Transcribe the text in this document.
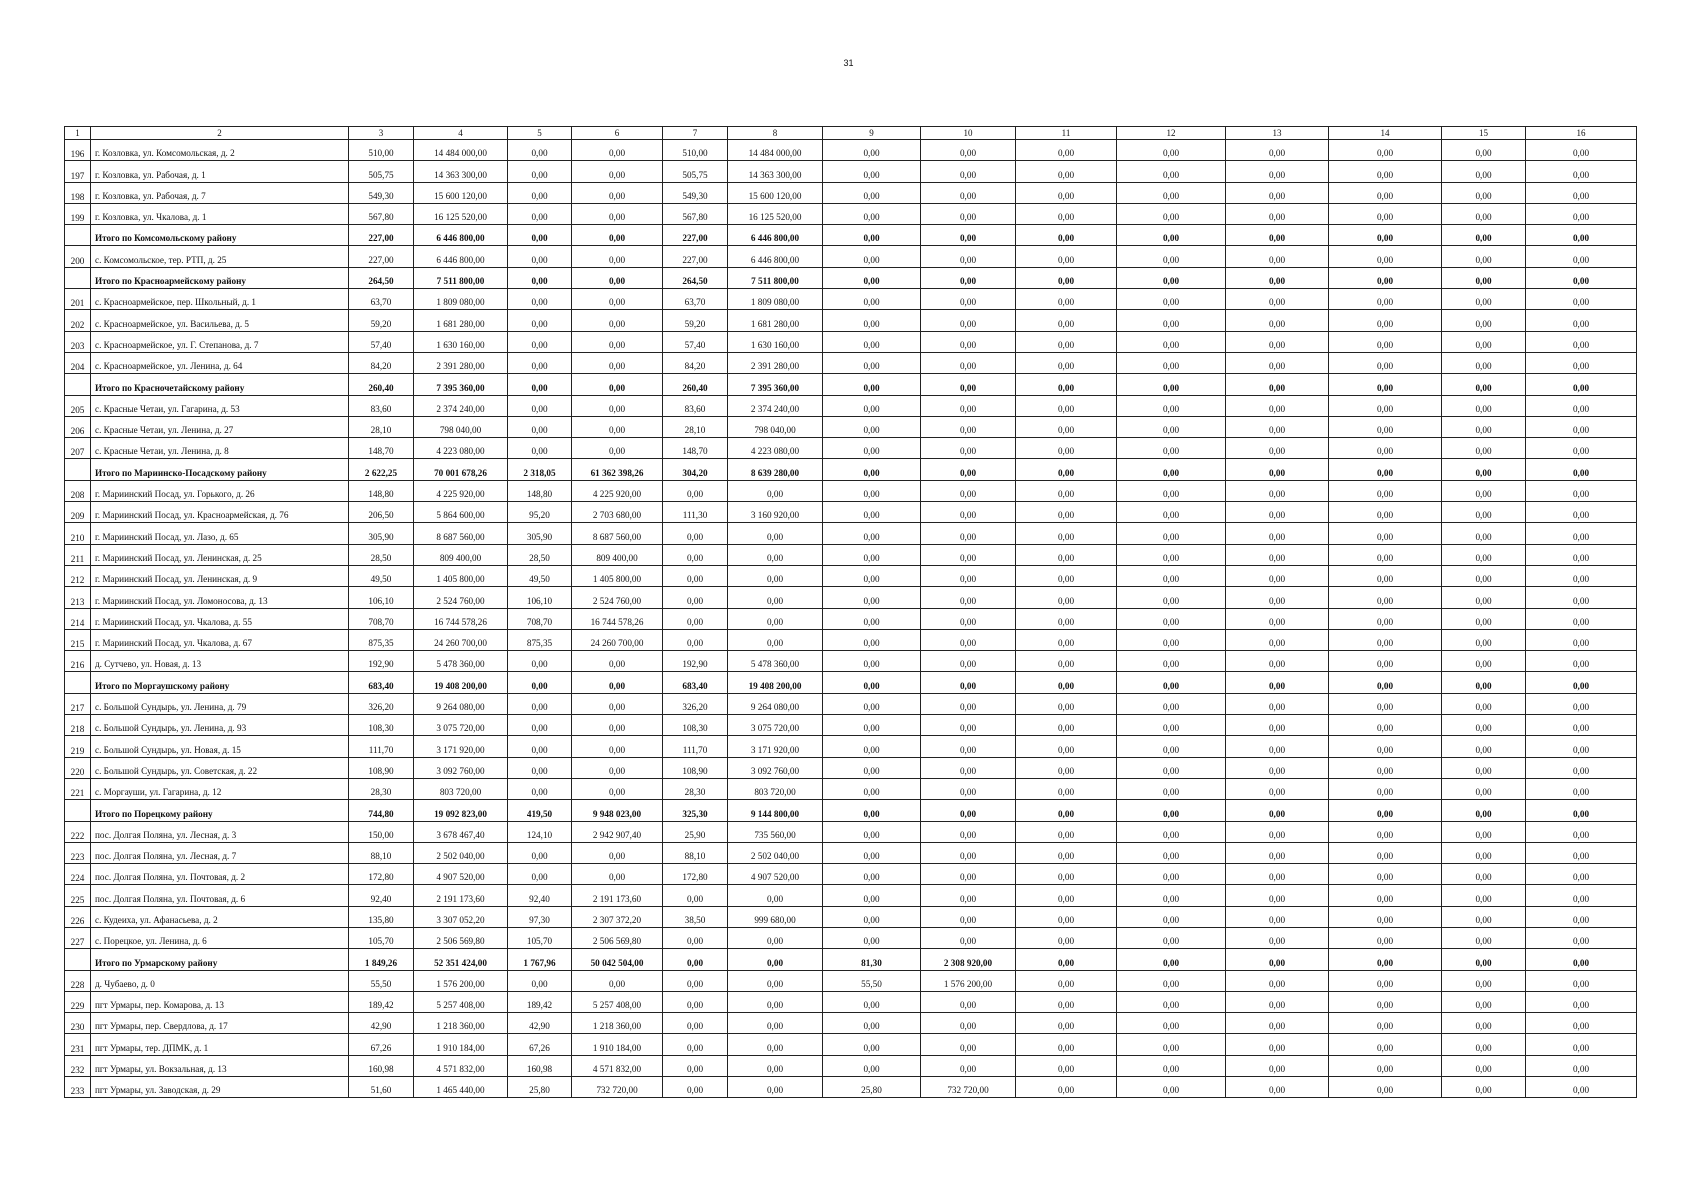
31
1	2	3	4	5	6	7	8	9	10	11	12	13	14	15	16
196	г. Козловка, ул. Комсомольская, д. 2	510,00	14 484 000,00	0,00	0,00	510,00	14 484 000,00	0,00	0,00	0,00	0,00	0,00	0,00	0,00	0,00
197	г. Козловка, ул. Рабочая, д. 1	505,75	14 363 300,00	0,00	0,00	505,75	14 363 300,00	0,00	0,00	0,00	0,00	0,00	0,00	0,00	0,00
198	г. Козловка, ул. Рабочая, д. 7	549,30	15 600 120,00	0,00	0,00	549,30	15 600 120,00	0,00	0,00	0,00	0,00	0,00	0,00	0,00	0,00
199	г. Козловка, ул. Чкалова, д. 1	567,80	16 125 520,00	0,00	0,00	567,80	16 125 520,00	0,00	0,00	0,00	0,00	0,00	0,00	0,00	0,00
	Итого по Комсомольскому району	227,00	6 446 800,00	0,00	0,00	227,00	6 446 800,00	0,00	0,00	0,00	0,00	0,00	0,00	0,00	0,00
200	с. Комсомольское, тер. РТП, д. 25	227,00	6 446 800,00	0,00	0,00	227,00	6 446 800,00	0,00	0,00	0,00	0,00	0,00	0,00	0,00	0,00
	Итого по Красноармейскому району	264,50	7 511 800,00	0,00	0,00	264,50	7 511 800,00	0,00	0,00	0,00	0,00	0,00	0,00	0,00	0,00
201	с. Красноармейское, пер. Школьный, д. 1	63,70	1 809 080,00	0,00	0,00	63,70	1 809 080,00	0,00	0,00	0,00	0,00	0,00	0,00	0,00	0,00
202	с. Красноармейское, ул. Васильева, д. 5	59,20	1 681 280,00	0,00	0,00	59,20	1 681 280,00	0,00	0,00	0,00	0,00	0,00	0,00	0,00	0,00
203	с. Красноармейское, ул. Г. Степанова, д. 7	57,40	1 630 160,00	0,00	0,00	57,40	1 630 160,00	0,00	0,00	0,00	0,00	0,00	0,00	0,00	0,00
204	с. Красноармейское, ул. Ленина, д. 64	84,20	2 391 280,00	0,00	0,00	84,20	2 391 280,00	0,00	0,00	0,00	0,00	0,00	0,00	0,00	0,00
	Итого по Красночетайскому району	260,40	7 395 360,00	0,00	0,00	260,40	7 395 360,00	0,00	0,00	0,00	0,00	0,00	0,00	0,00	0,00
205	с. Красные Четаи, ул. Гагарина, д. 53	83,60	2 374 240,00	0,00	0,00	83,60	2 374 240,00	0,00	0,00	0,00	0,00	0,00	0,00	0,00	0,00
206	с. Красные Четаи, ул. Ленина, д. 27	28,10	798 040,00	0,00	0,00	28,10	798 040,00	0,00	0,00	0,00	0,00	0,00	0,00	0,00	0,00
207	с. Красные Четаи, ул. Ленина, д. 8	148,70	4 223 080,00	0,00	0,00	148,70	4 223 080,00	0,00	0,00	0,00	0,00	0,00	0,00	0,00	0,00
	Итого по Мариинско-Посадскому району	2 622,25	70 001 678,26	2 318,05	61 362 398,26	304,20	8 639 280,00	0,00	0,00	0,00	0,00	0,00	0,00	0,00	0,00
208	г. Мариинский Посад, ул. Горького, д. 26	148,80	4 225 920,00	148,80	4 225 920,00	0,00	0,00	0,00	0,00	0,00	0,00	0,00	0,00	0,00	0,00
209	г. Мариинский Посад, ул. Красноармейская, д. 76	206,50	5 864 600,00	95,20	2 703 680,00	111,30	3 160 920,00	0,00	0,00	0,00	0,00	0,00	0,00	0,00	0,00
210	г. Мариинский Посад, ул. Лазо, д. 65	305,90	8 687 560,00	305,90	8 687 560,00	0,00	0,00	0,00	0,00	0,00	0,00	0,00	0,00	0,00	0,00
211	г. Мариинский Посад, ул. Ленинская, д. 25	28,50	809 400,00	28,50	809 400,00	0,00	0,00	0,00	0,00	0,00	0,00	0,00	0,00	0,00	0,00
212	г. Мариинский Посад, ул. Ленинская, д. 9	49,50	1 405 800,00	49,50	1 405 800,00	0,00	0,00	0,00	0,00	0,00	0,00	0,00	0,00	0,00	0,00
213	г. Мариинский Посад, ул. Ломоносова, д. 13	106,10	2 524 760,00	106,10	2 524 760,00	0,00	0,00	0,00	0,00	0,00	0,00	0,00	0,00	0,00	0,00
214	г. Мариинский Посад, ул. Чкалова, д. 55	708,70	16 744 578,26	708,70	16 744 578,26	0,00	0,00	0,00	0,00	0,00	0,00	0,00	0,00	0,00	0,00
215	г. Мариинский Посад, ул. Чкалова, д. 67	875,35	24 260 700,00	875,35	24 260 700,00	0,00	0,00	0,00	0,00	0,00	0,00	0,00	0,00	0,00	0,00
216	д. Сутчево, ул. Новая, д. 13	192,90	5 478 360,00	0,00	0,00	192,90	5 478 360,00	0,00	0,00	0,00	0,00	0,00	0,00	0,00	0,00
	Итого по Моргаушскому району	683,40	19 408 200,00	0,00	0,00	683,40	19 408 200,00	0,00	0,00	0,00	0,00	0,00	0,00	0,00	0,00
217	с. Большой Сундырь, ул. Ленина, д. 79	326,20	9 264 080,00	0,00	0,00	326,20	9 264 080,00	0,00	0,00	0,00	0,00	0,00	0,00	0,00	0,00
218	с. Большой Сундырь, ул. Ленина, д. 93	108,30	3 075 720,00	0,00	0,00	108,30	3 075 720,00	0,00	0,00	0,00	0,00	0,00	0,00	0,00	0,00
219	с. Большой Сундырь, ул. Новая, д. 15	111,70	3 171 920,00	0,00	0,00	111,70	3 171 920,00	0,00	0,00	0,00	0,00	0,00	0,00	0,00	0,00
220	с. Большой Сундырь, ул. Советская, д. 22	108,90	3 092 760,00	0,00	0,00	108,90	3 092 760,00	0,00	0,00	0,00	0,00	0,00	0,00	0,00	0,00
221	с. Моргауши, ул. Гагарина, д. 12	28,30	803 720,00	0,00	0,00	28,30	803 720,00	0,00	0,00	0,00	0,00	0,00	0,00	0,00	0,00
	Итого по Порецкому району	744,80	19 092 823,00	419,50	9 948 023,00	325,30	9 144 800,00	0,00	0,00	0,00	0,00	0,00	0,00	0,00	0,00
222	пос. Долгая Поляна, ул. Лесная, д. 3	150,00	3 678 467,40	124,10	2 942 907,40	25,90	735 560,00	0,00	0,00	0,00	0,00	0,00	0,00	0,00	0,00
223	пос. Долгая Поляна, ул. Лесная, д. 7	88,10	2 502 040,00	0,00	0,00	88,10	2 502 040,00	0,00	0,00	0,00	0,00	0,00	0,00	0,00	0,00
224	пос. Долгая Поляна, ул. Почтовая, д. 2	172,80	4 907 520,00	0,00	0,00	172,80	4 907 520,00	0,00	0,00	0,00	0,00	0,00	0,00	0,00	0,00
225	пос. Долгая Поляна, ул. Почтовая, д. 6	92,40	2 191 173,60	92,40	2 191 173,60	0,00	0,00	0,00	0,00	0,00	0,00	0,00	0,00	0,00	0,00
226	с. Кудеиха, ул. Афанасьева, д. 2	135,80	3 307 052,20	97,30	2 307 372,20	38,50	999 680,00	0,00	0,00	0,00	0,00	0,00	0,00	0,00	0,00
227	с. Порецкое, ул. Ленина, д. 6	105,70	2 506 569,80	105,70	2 506 569,80	0,00	0,00	0,00	0,00	0,00	0,00	0,00	0,00	0,00	0,00
	Итого по Урмарскому району	1 849,26	52 351 424,00	1 767,96	50 042 504,00	0,00	0,00	81,30	2 308 920,00	0,00	0,00	0,00	0,00	0,00	0,00
228	д. Чубаево, д. 0	55,50	1 576 200,00	0,00	0,00	0,00	0,00	55,50	1 576 200,00	0,00	0,00	0,00	0,00	0,00	0,00
229	пгт Урмары, пер. Комарова, д. 13	189,42	5 257 408,00	189,42	5 257 408,00	0,00	0,00	0,00	0,00	0,00	0,00	0,00	0,00	0,00	0,00
230	пгт Урмары, пер. Свердлова, д. 17	42,90	1 218 360,00	42,90	1 218 360,00	0,00	0,00	0,00	0,00	0,00	0,00	0,00	0,00	0,00	0,00
231	пгт Урмары, тер. ДПМК, д. 1	67,26	1 910 184,00	67,26	1 910 184,00	0,00	0,00	0,00	0,00	0,00	0,00	0,00	0,00	0,00	0,00
232	пгт Урмары, ул. Вокзальная, д. 13	160,98	4 571 832,00	160,98	4 571 832,00	0,00	0,00	0,00	0,00	0,00	0,00	0,00	0,00	0,00	0,00
233	пгт Урмары, ул. Заводская, д. 29	51,60	1 465 440,00	25,80	732 720,00	0,00	0,00	25,80	732 720,00	0,00	0,00	0,00	0,00	0,00	0,00
